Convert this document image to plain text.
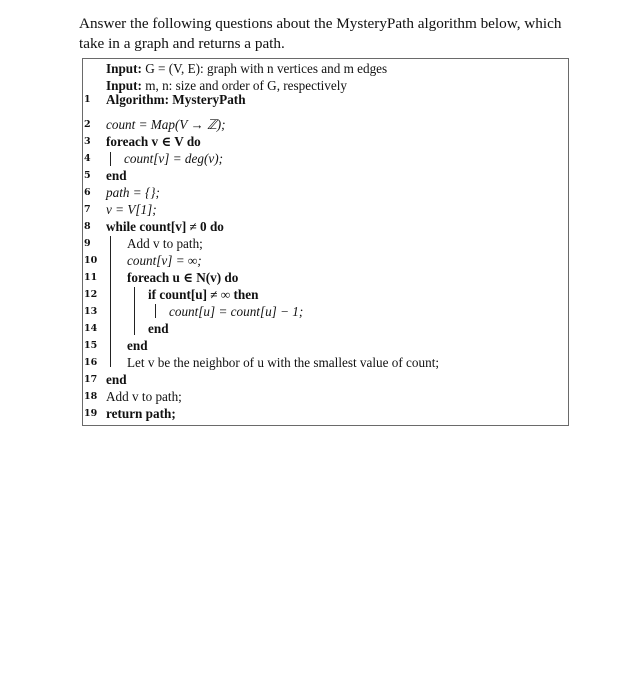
Answer the following questions about the MysteryPath algorithm below, which take in a graph and returns a path.

Input: G = (V, E): graph with n vertices and m edges
Input: m, n: size and order of G, respectively
1	Algorithm: MysteryPath
2	count = Map(V → ℤ);
3	foreach v ∈ V do
4	count[v] = deg(v);
5	end
6	path = {};
7	v = V[1];
8	while count[v] ≠ 0 do
9	Add v to path;
10 count[v] = ∞;
11 foreach u ∈ N(v) do
12	if count[u] ≠ ∞ then
13	count[u] = count[u] − 1;
14	end
15 end
16 Let v be the neighbor of u with the smallest value of count;
17 end
18 Add v to path;
19 return path;
